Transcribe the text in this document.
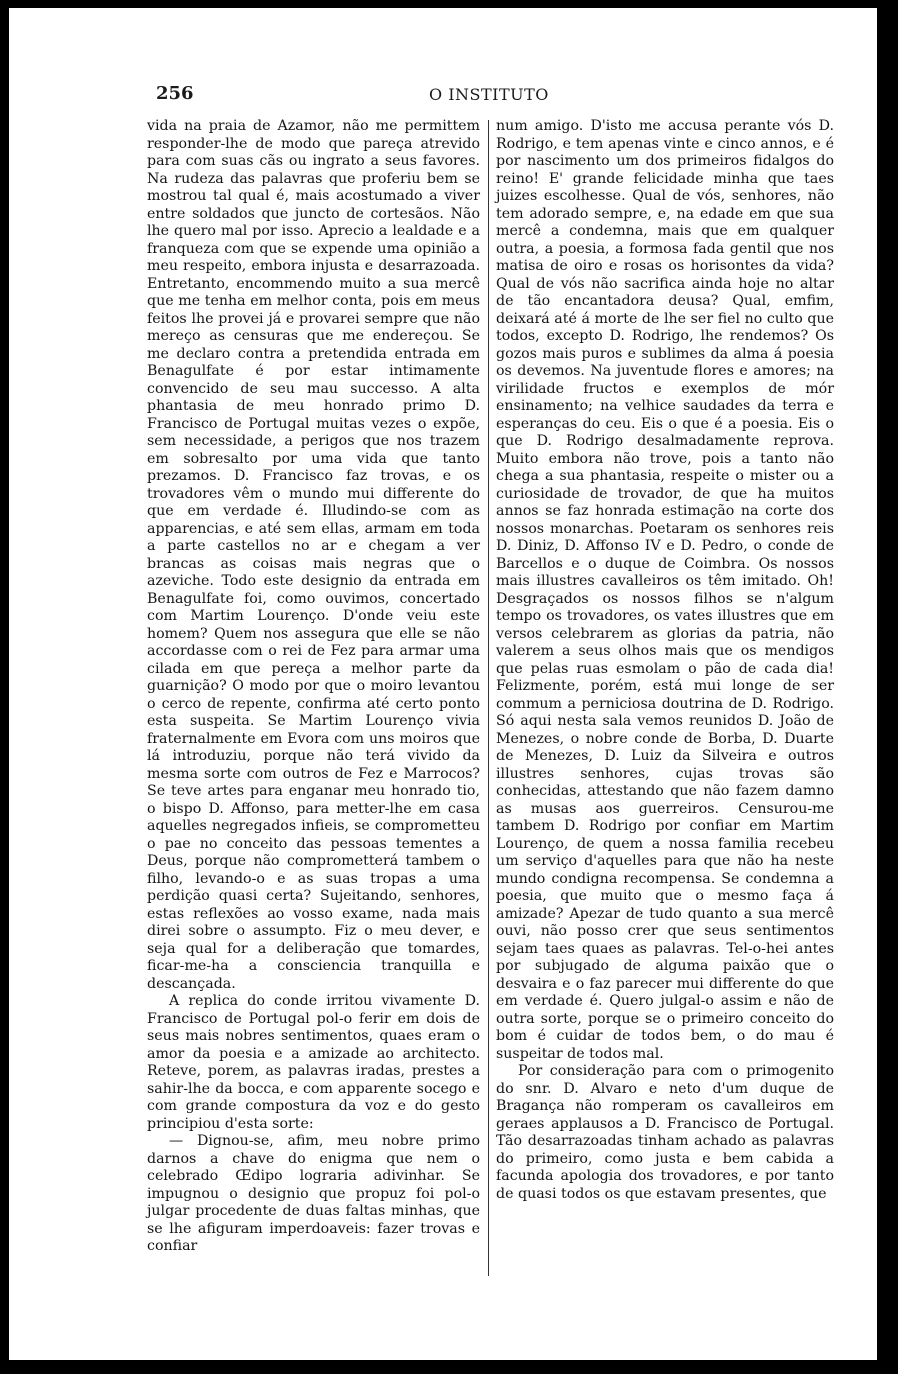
256	O INSTITUTO

vida na praia de Azamor, não me permittem responder-lhe de modo que pareça atrevido para com suas cãs ou ingrato a seus favores. Na rudeza das palavras que proferiu bem se mostrou tal qual é, mais acostumado a viver entre soldados que juncto de cortesãos. Não lhe quero mal por isso. Aprecio a lealdade e a franqueza com que se expende uma opinião a meu respeito, embora injusta e desarrazoada. Entretanto, encommendo muito a sua mercê que me tenha em melhor conta, pois em meus feitos lhe provei já e provarei sempre que não mereço as censuras que me endereçou. Se me declaro contra a pretendida entrada em Benagulfate é por estar intimamente convencido de seu mau successo. A alta phantasia de meu honrado primo D. Francisco de Portugal muitas vezes o expõe, sem necessidade, a perigos que nos trazem em sobresalto por uma vida que tanto prezamos. D. Francisco faz trovas, e os trovadores vêm o mundo mui differente do que em verdade é. Illudindo-se com as apparencias, e até sem ellas, armam em toda a parte castellos no ar e chegam a ver brancas as coisas mais negras que o azeviche. Todo este designio da entrada em Benagulfate foi, como ouvimos, concertado com Martim Lourenço. D'onde veiu este homem? Quem nos assegura que elle se não accordasse com o rei de Fez para armar uma cilada em que pereça a melhor parte da guarnição? O modo por que o moiro levantou o cerco de repente, confirma até certo ponto esta suspeita. Se Martim Lourenço vivia fraternalmente em Evora com uns moiros que lá introduziu, porque não terá vivido da mesma sorte com outros de Fez e Marrocos? Se teve artes para enganar meu honrado tio, o bispo D. Affonso, para metter-lhe em casa aquelles negregados infieis, se comprometteu o pae no conceito das pessoas tementes a Deus, porque não comprometterá tambem o filho, levando-o e as suas tropas a uma perdição quasi certa? Sujeitando, senhores, estas reflexões ao vosso exame, nada mais direi sobre o assumpto. Fiz o meu dever, e seja qual for a deliberação que tomardes, ficar-me-ha a consciencia tranquilla e descançada.

A replica do conde irritou vivamente D. Francisco de Portugal pol-o ferir em dois de seus mais nobres sentimentos, quaes eram o amor da poesia e a amizade ao architecto. Reteve, porem, as palavras iradas, prestes a sahir-lhe da bocca, e com apparente socego e com grande compostura da voz e do gesto principiou d'esta sorte:

— Dignou-se, afim, meu nobre primo darnos a chave do enigma que nem o celebrado Œdipo lograria adivinhar. Se impugnou o designio que propuz foi pol-o julgar procedente de duas faltas minhas, que se lhe afiguram imperdoaveis: fazer trovas e confiar

num amigo. D'isto me accusa perante vós D. Rodrigo, e tem apenas vinte e cinco annos, e é por nascimento um dos primeiros fidalgos do reino! E' grande felicidade minha que taes juizes escolhesse. Qual de vós, senhores, não tem adorado sempre, e, na edade em que sua mercê a condemna, mais que em qualquer outra, a poesia, a formosa fada gentil que nos matisa de oiro e rosas os horisontes da vida? Qual de vós não sacrifica ainda hoje no altar de tão encantadora deusa? Qual, emfim, deixará até á morte de lhe ser fiel no culto que todos, excepto D. Rodrigo, lhe rendemos? Os gozos mais puros e sublimes da alma á poesia os devemos. Na juventude flores e amores; na virilidade fructos e exemplos de mór ensinamento; na velhice saudades da terra e esperanças do ceu. Eis o que é a poesia. Eis o que D. Rodrigo desalmadamente reprova. Muito embora não trove, pois a tanto não chega a sua phantasia, respeite o mister ou a curiosidade de trovador, de que ha muitos annos se faz honrada estimação na corte dos nossos monarchas. Poetaram os senhores reis D. Diniz, D. Affonso IV e D. Pedro, o conde de Barcellos e o duque de Coimbra. Os nossos mais illustres cavalleiros os têm imitado. Oh! Desgraçados os nossos filhos se n'algum tempo os trovadores, os vates illustres que em versos celebrarem as glorias da patria, não valerem a seus olhos mais que os mendigos que pelas ruas esmolam o pão de cada dia! Felizmente, porém, está mui longe de ser commum a perniciosa doutrina de D. Rodrigo. Só aqui nesta sala vemos reunidos D. João de Menezes, o nobre conde de Borba, D. Duarte de Menezes, D. Luiz da Silveira e outros illustres senhores, cujas trovas são conhecidas, attestando que não fazem damno as musas aos guerreiros. Censurou-me tambem D. Rodrigo por confiar em Martim Lourenço, de quem a nossa familia recebeu um serviço d'aquelles para que não ha neste mundo condigna recompensa. Se condemna a poesia, que muito que o mesmo faça á amizade? Apezar de tudo quanto a sua mercê ouvi, não posso crer que seus sentimentos sejam taes quaes as palavras. Tel-o-hei antes por subjugado de alguma paixão que o desvaira e o faz parecer mui differente do que em verdade é. Quero julgal-o assim e não de outra sorte, porque se o primeiro conceito do bom é cuidar de todos bem, o do mau é suspeitar de todos mal.

Por consideração para com o primogenito do snr. D. Alvaro e neto d'um duque de Bragança não romperam os cavalleiros em geraes applausos a D. Francisco de Portugal. Tão desarrazoadas tinham achado as palavras do primeiro, como justa e bem cabida a facunda apologia dos trovadores, e por tanto de quasi todos os que estavam presentes, que
